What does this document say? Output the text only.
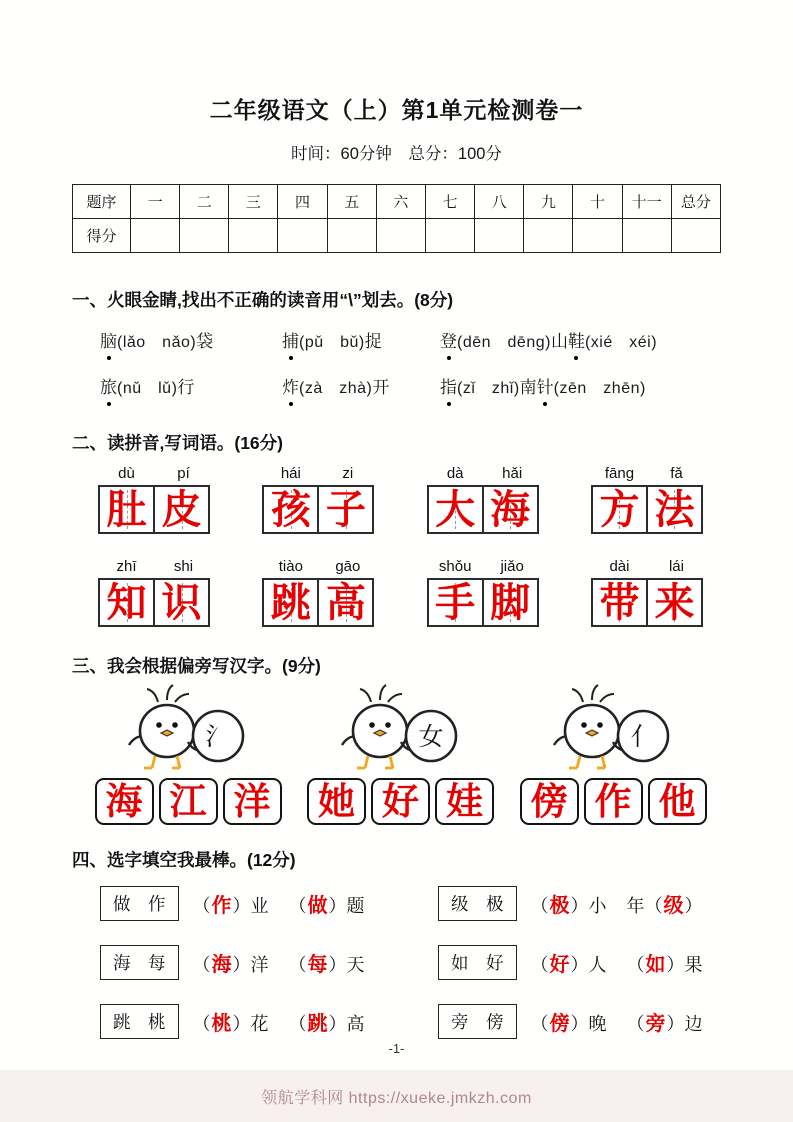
二年级语文（上）第1单元检测卷一
时间：60分钟　总分：100分
题序	一	二	三	四	五	六	七	八	九	十	十一	总分
得分												
一、火眼金睛,找出不正确的读音用“\”划去。(8分)
脑(lǎo　nǎo)袋	捕(pǔ　bǔ)捉	登(dēn　dēng)山鞋(xié　xéi)
旅(nǔ　lǔ)行	炸(zà　zhà)开	指(zǐ　zhǐ)南针(zēn　zhēn)
二、读拼音,写词语。(16分)
dù	pí
肚 皮
hái	zi
孩 子
dà	hǎi
大 海
fāng	fǎ
方 法
zhī	shi
知 识
tiào	gāo
跳 高
shǒu	jiǎo
手 脚
dài	lái
带 来
三、我会根据偏旁写汉字。(9分)
氵
海 江 洋
女
她 好 娃
亻
傍 作 他
四、选字填空我最棒。(12分)
做　作	（作）业 （做）题	级　极	（极）小 年（级）
海　每	（海）洋 （每）天	如　好	（好）人 （如）果
跳　桃	（桃）花 （跳）高	旁　傍	（傍）晚 （旁）边
-1-
领航学科网 https://xueke.jmkzh.com
